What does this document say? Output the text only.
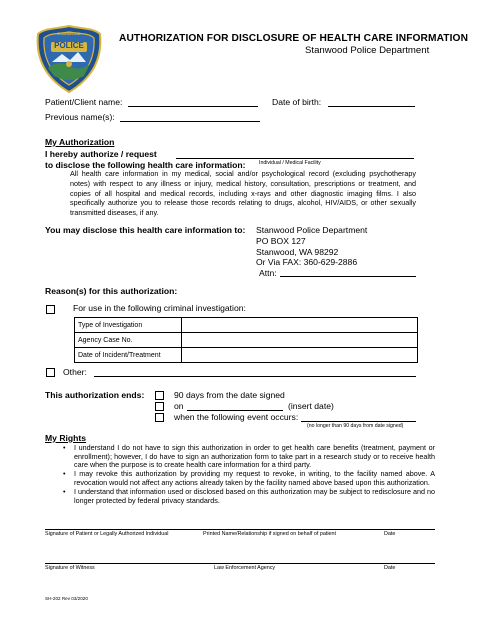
POLICE
STANWOOD	AUTHORIZATION FOR DISCLOSURE OF HEALTH CARE INFORMATION
Stanwood Police Department
Patient/Client name:	Date of birth:
Previous name(s):
My Authorization
I hereby authorize / request
to disclose the following health care information:	Individual / Medical Facility
All health care information in my medical, social and/or psychological record (excluding psychotherapy notes) with respect to any illness or injury, medical history, consultation, prescriptions or treatment, and copies of all hospital and medical records, including x-rays and other diagnostic imaging films. I also specifically authorize you to release those records relating to drugs, alcohol, HIV/AIDS, or other sexually transmitted diseases, if any.
You may disclose this health care information to: Stanwood Police Department
PO BOX 127
Stanwood, WA 98292
Or Via FAX: 360-629-2886
Attn:
Reason(s) for this authorization:
For use in the following criminal investigation:
Type of Investigation	
Agency Case No.	
Date of Incident/Treatment	
Other:
This authorization ends:	90 days from the date signed
on	(insert date)
when the following event occurs:
(no longer than 90 days from date signed)
My Rights
• I understand I do not have to sign this authorization in order to get health care benefits (treatment, payment or enrollment); however, I do have to sign an authorization form to take part in a research study or to receive health care when the purpose is to create health care information for a third party.
• I may revoke this authorization by providing my request to revoke, in writing, to the facility named above. A revocation would not affect any actions already taken by the facility named above based upon this authorization.
• I understand that information used or disclosed based on this authorization may be subject to redisclosure and no longer protected by federal privacy standards.
Signature of Patient or Legally Authorized Individual	Printed Name/Relationship if signed on behalf of patient	Date
Signature of Witness	Law Enforcement Agency	Date
SH-202 Rev 03/2020
